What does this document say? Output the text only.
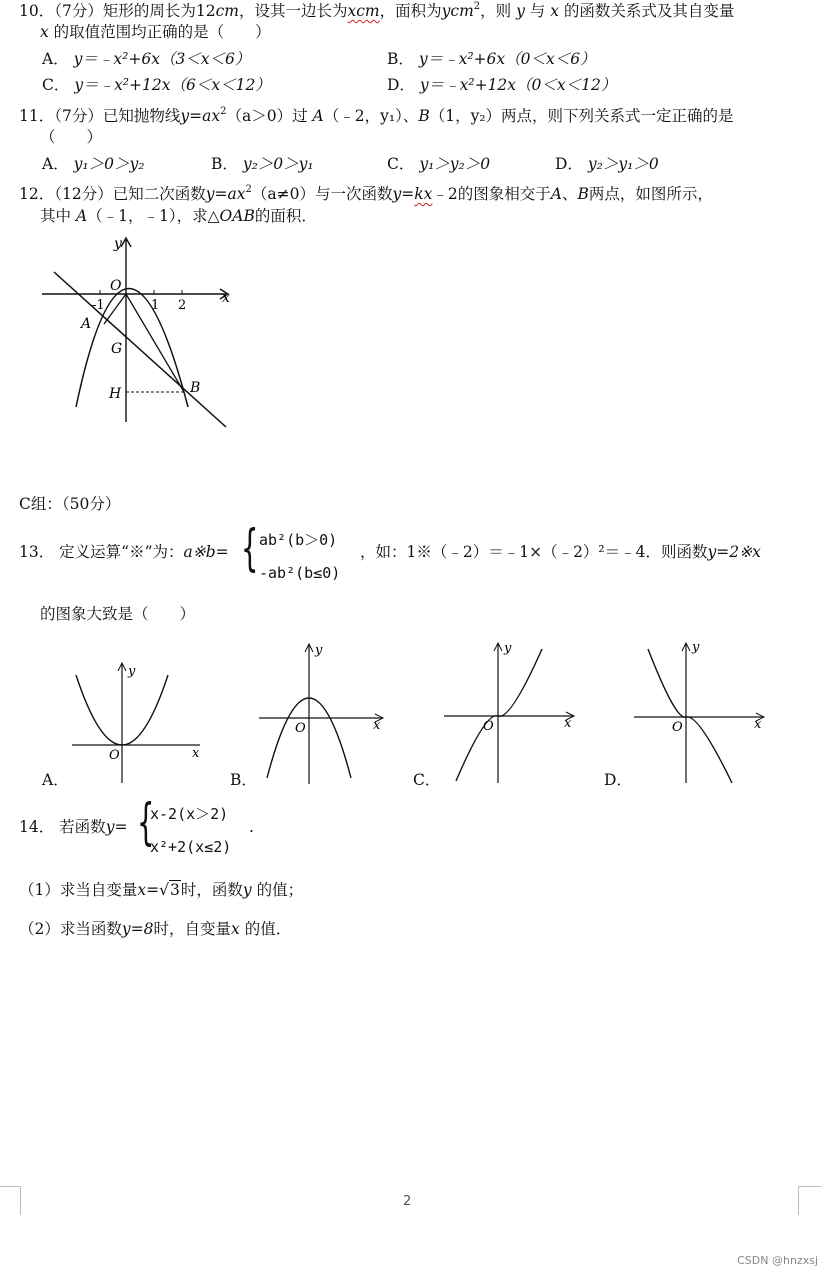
10．（7分）矩形的周长为12cm，设其一边长为xcm，面积为ycm$^2$，则 y 与 x 的函数关系式及其自变量
x 的取值范围均正确的是（　　）
A． y＝﹣x²+6x（3＜x＜6）	B． y＝﹣x²+6x（0＜x＜6）
C． y＝﹣x²+12x（6＜x＜12）	D． y＝﹣x²+12x（0＜x＜12）
11．（7分）已知抛物线$y=ax^2(a>0)$过 A（﹣2，y₁）、B（1，y₂）两点，则下列关系式一定正确的是
（　　）
A． y₁＞0＞y₂	B． y₂＞0＞y₁	C． y₁＞y₂＞0	D． y₂＞y₁＞0
12．（12分）已知二次函数$y=ax^2(a\ne 0)$与一次函数y=kx﹣2的图象相交于A、B两点，如图所示，
其中 A（﹣1，﹣1），求△OAB的面积．
y
x
O
-1	1 2
A
G
H	B
C组：（50分）
13． 定义运算“※”为：a※b= { ab²(b＞0)
-ab²(b≤0)
，如：1※（﹣2）＝﹣1×（﹣2）²＝﹣4．则函数y=2※x
的图象大致是（　　）
y
x
O
A．
y
x
O
B．
y
x
O
C．
y
x
O
D．
14． 若函数y= {
x-2(x＞2)
x²+2(x≤2)
.
（1）求当自变量x=√3时，函数y 的值；
（2）求当函数y=8时，自变量x 的值．
2
CSDN @hnzxsj
